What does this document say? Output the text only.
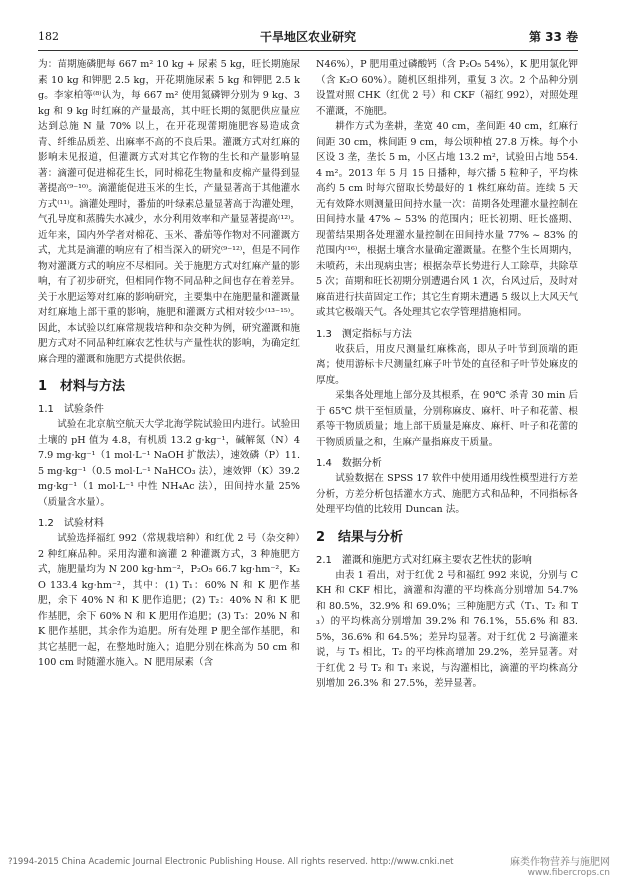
182	干旱地区农业研究	第 33 卷
为：苗期施磷肥每 667 m² 10 kg + 尿素 5 kg，旺长期施尿素 10 kg 和钾肥 2.5 kg，开花期施尿素 5 kg 和钾肥 2.5 kg。李家柏等⁽⁸⁾认为，每 667 m² 使用氮磷钾分别为 9 kg、3 kg 和 9 kg 时红麻的产量最高，其中旺长期的氮肥供应量应达到总施 N 量 70% 以上，在开花现蕾期施肥容易造成贪青、纤维品质差、出麻率不高的不良后果。灌溉方式对红麻的影响未见报道，但灌溉方式对其它作物的生长和产量影响显著：滴灌可促进棉花生长，同时棉花生物量和皮棉产量得到显著提高⁽⁹⁻¹⁰⁾。滴灌能促进玉米的生长，产量显著高于其他灌水方式⁽¹¹⁾。滴灌处理时，番茄的叶绿素总量显著高于沟灌处理，气孔导度和蒸腾失水减少，水分利用效率和产量显著提高⁽¹²⁾。近年来，国内外学者对棉花、玉米、番茄等作物对不同灌溉方式，尤其是滴灌的响应有了相当深入的研究⁽⁹⁻¹²⁾，但是不同作物对灌溉方式的响应不尽相同。关于施肥方式对红麻产量的影响，有了初步研究，但相同作物不同品种之间也存在着差异。关于水肥运筹对红麻的影响研究，主要集中在施肥量和灌溉量对红麻地上部干重的影响，施肥和灌溉方式相对较少⁽¹³⁻¹⁵⁾。因此，本试验以红麻常规栽培种和杂交种为例，研究灌溉和施肥方式对不同品种红麻农艺性状与产量性状的影响，为确定红麻合理的灌溉和施肥方式提供依据。
1　材料与方法
1.1　试验条件
试验在北京航空航天大学北海学院试验田内进行。试验田土壤的 pH 值为 4.8，有机质 13.2 g·kg⁻¹，碱解氮（N）47.9 mg·kg⁻¹（1 mol·L⁻¹ NaOH 扩散法），速效磷（P）11.5 mg·kg⁻¹（0.5 mol·L⁻¹ NaHCO₃ 法），速效钾（K）39.2 mg·kg⁻¹（1 mol·L⁻¹ 中性 NH₄Ac 法），田间持水量 25%（质量含水量）。
1.2　试验材料
试验选择福红 992（常规栽培种）和红优 2 号（杂交种）2 种红麻品种。采用沟灌和滴灌 2 种灌溉方式，3 种施肥方式，施肥量均为 N 200 kg·hm⁻²，P₂O₅ 66.7 kg·hm⁻²，K₂O 133.4 kg·hm⁻²，其中：(1) T₁：60% N 和 K 肥作基肥，余下 40% N 和 K 肥作追肥；(2) T₂：40% N 和 K 肥作基肥，余下 60% N 和 K 肥用作追肥；(3) T₃：20% N 和 K 肥作基肥，其余作为追肥。所有处理 P 肥全部作基肥，和其它基肥一起，在整地时施入；追肥分别在株高为 50 cm 和 100 cm 时随灌水施入。N 肥用尿素（含
N46%），P 肥用重过磷酸钙（含 P₂O₅ 54%），K 肥用氯化钾（含 K₂O 60%）。随机区组排列，重复 3 次。2 个品种分别设置对照 CHK（红优 2 号）和 CKF（福红 992），对照处理不灌溉，不施肥。
耕作方式为垄耕，垄宽 40 cm，垄间距 40 cm，红麻行间距 30 cm，株间距 9 cm，每公顷种植 27.8 万株。每个小区设 3 垄，垄长 5 m，小区占地 13.2 m²，试验田占地 554.4 m²。2013 年 5 月 15 日播种，每穴播 5 粒种子，平均株高约 5 cm 时每穴留取长势最好的 1 株红麻幼苗。连续 5 天无有效降水则测量田间持水量一次：苗期各处理灌水量控制在田间持水量 47% ~ 53% 的范围内；旺长初期、旺长盛期、现蕾结果期各处理灌水量控制在田间持水量 77% ~ 83% 的范围内⁽¹⁶⁾，根据土壤含水量确定灌溉量。在整个生长周期内，未喷药，未出现病虫害；根据杂草长势进行人工除草，共除草 5 次；苗期和旺长初期分别遭遇台风 1 次，台风过后，及时对麻苗进行扶苗固定工作；其它生育期未遭遇 5 级以上大风天气或其它极端天气。各处理其它农学管理措施相同。
1.3　测定指标与方法
收获后，用皮尺测量红麻株高，即从子叶节到顶端的距离；使用游标卡尺测量红麻子叶节处的直径和子叶节处麻皮的厚度。
采集各处理地上部分及其根系，在 90℃ 杀青 30 min 后于 65℃ 烘干至恒质量，分别称麻皮、麻杆、叶子和花蕾、根系等干物质质量；地上部干质量是麻皮、麻杆、叶子和花蕾的干物质质量之和，生麻产量指麻皮干质量。
1.4　数据分析
试验数据在 SPSS 17 软件中使用通用线性模型进行方差分析，方差分析包括灌水方式、施肥方式和品种，不同指标各处理平均值的比较用 Duncan 法。
2　结果与分析
2.1　灌溉和施肥方式对红麻主要农艺性状的影响
由表 1 看出，对于红优 2 号和福红 992 来说，分别与 CKH 和 CKF 相比，滴灌和沟灌的平均株高分别增加 54.7% 和 80.5%，32.9% 和 69.0%；三种施肥方式（T₁、T₂ 和 T₃）的平均株高分别增加 39.2% 和 76.1%，55.6% 和 83.5%，36.6% 和 64.5%；差异均显著。对于红优 2 号滴灌来说，与 T₃ 相比，T₂ 的平均株高增加 29.2%，差异显著。对于红优 2 号 T₂ 和 T₁ 来说，与沟灌相比，滴灌的平均株高分别增加 26.3% 和 27.5%，差异显著。
?1994-2015 China Academic Journal Electronic Publishing House. All rights reserved. http://www.cnki.net	麻类作物营养与施肥网
www.fibercrops.cn
